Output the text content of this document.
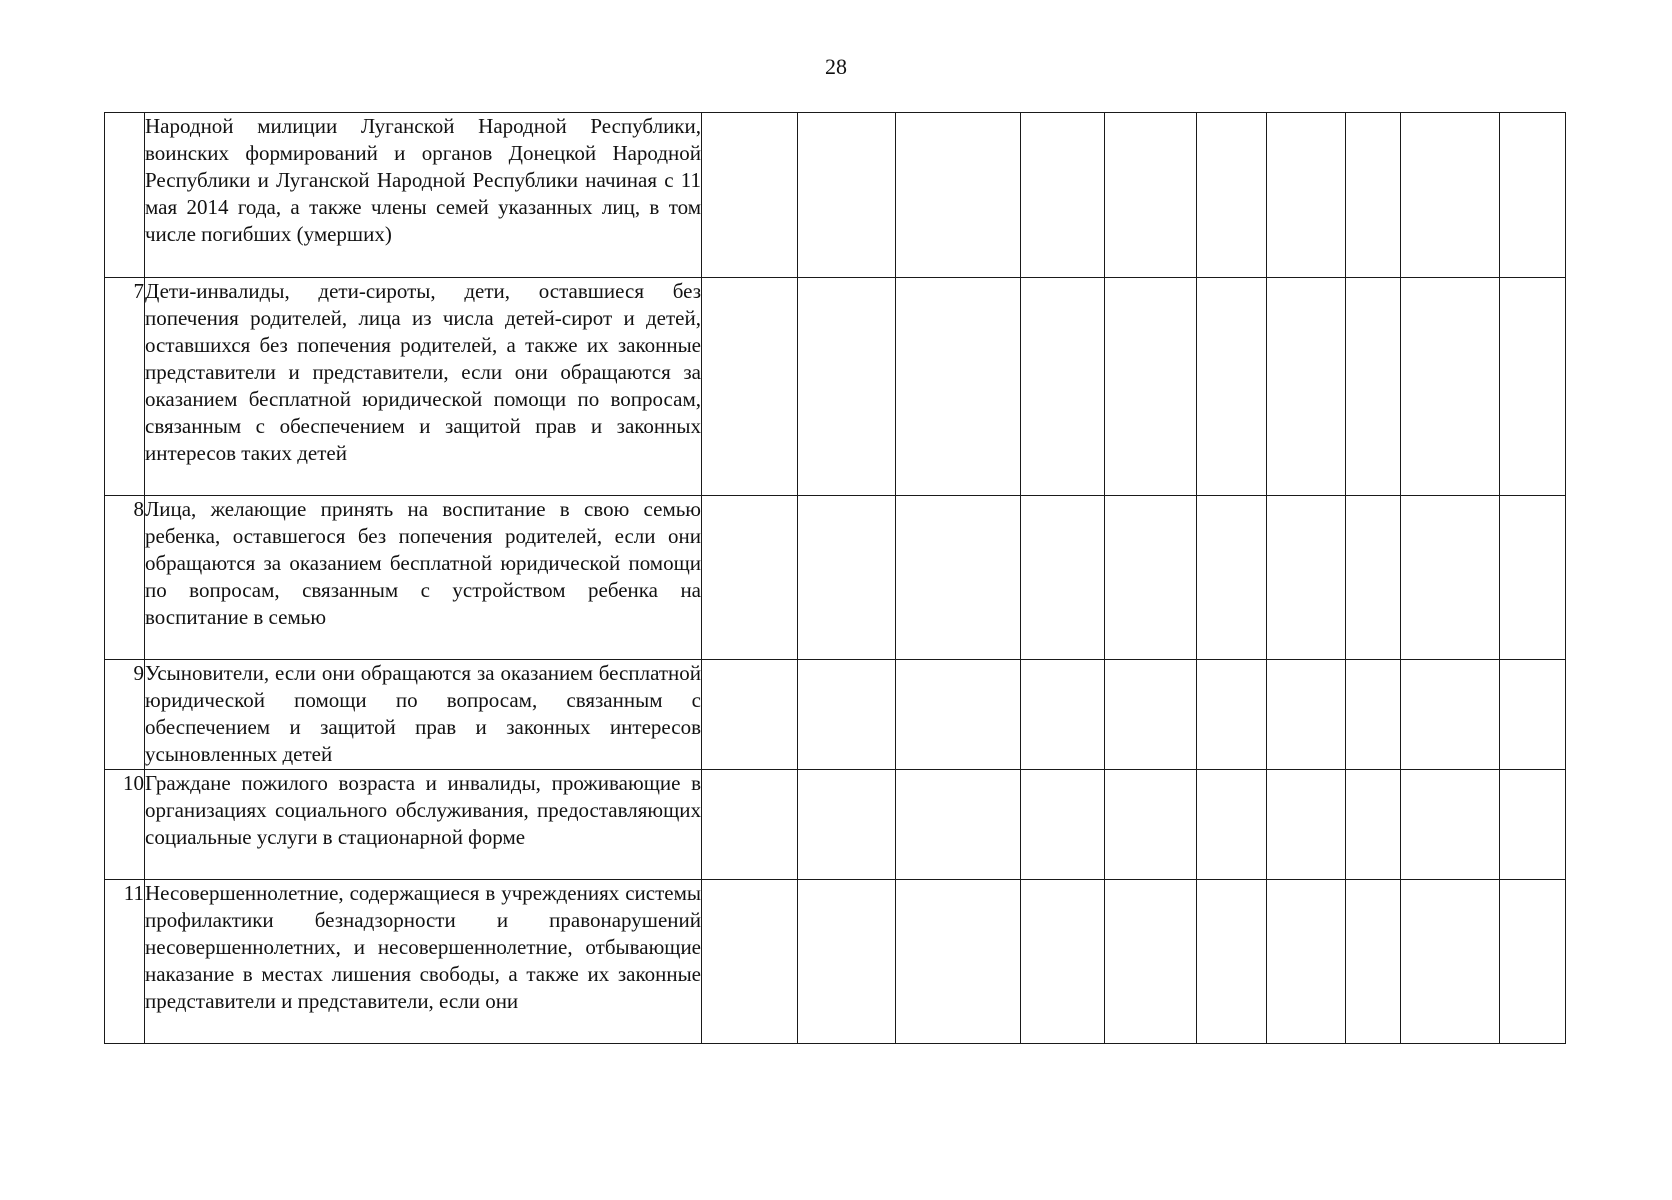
28

	Народной милиции Луганской Народной Республики, воинских формирований и органов Донецкой Народной Республики и Луганской Народной Республики начиная с 11 мая 2014 года, а также члены семей указанных лиц, в том числе погибших (умерших)										

7	Дети-инвалиды, дети-сироты, дети, оставшиеся без попечения родителей, лица из числа детей-сирот и детей, оставшихся без попечения родителей, а также их законные представители и представители, если они обращаются за оказанием бесплатной юридической помощи по вопросам, связанным с обеспечением и защитой прав и законных интересов таких детей										

8	Лица, желающие принять на воспитание в свою семью ребенка, оставшегося без попечения родителей, если они обращаются за оказанием бесплатной юридической помощи по вопросам, связанным с устройством ребенка на воспитание в семью										

9	Усыновители, если они обращаются за оказанием бесплатной юридической помощи по вопросам, связанным с обеспечением и защитой прав и законных интересов усыновленных детей										

10	Граждане пожилого возраста и инвалиды, проживающие в организациях социального обслуживания, предоставляющих социальные услуги в стационарной форме										

11	Несовершеннолетние, содержащиеся в учреждениях системы профилактики безнадзорности и правонарушений несовершеннолетних, и несовершеннолетние, отбывающие наказание в местах лишения свободы, а также их законные представители и представители, если они										
